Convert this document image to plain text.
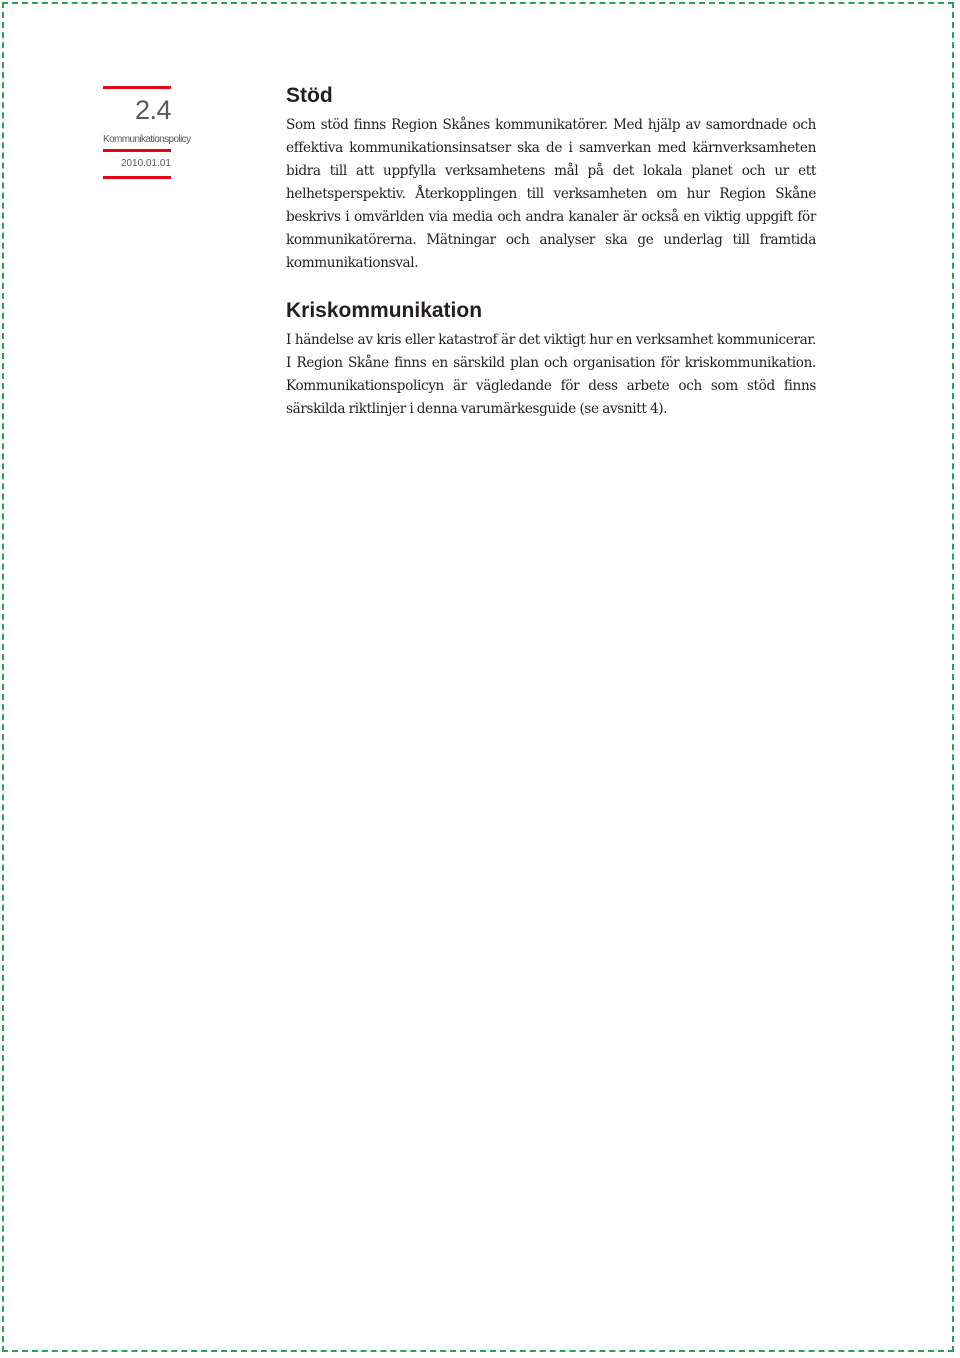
2.4
Kommunikationspolicy
2010.01.01
Stöd

Som stöd finns Region Skånes kommunikatörer. Med hjälp av samordnade och effektiva kommunikationsinsatser ska de i samverkan med kärnverksamheten bidra till att uppfylla verksamhetens mål på det lokala planet och ur ett helhetsperspektiv. Återkopplingen till verksamheten om hur Region Skåne beskrivs i omvärlden via media och andra kanaler är också en viktig uppgift för kommunikatörerna. Mätningar och analyser ska ge underlag till framtida kommunikationsval.

Kriskommunikation

I händelse av kris eller katastrof är det viktigt hur en verksamhet kommunicerar. I Region Skåne finns en särskild plan och organisation för kriskommunikation. Kommunikationspolicyn är vägledande för dess arbete och som stöd finns särskilda riktlinjer i denna varumärkesguide (se avsnitt 4).
